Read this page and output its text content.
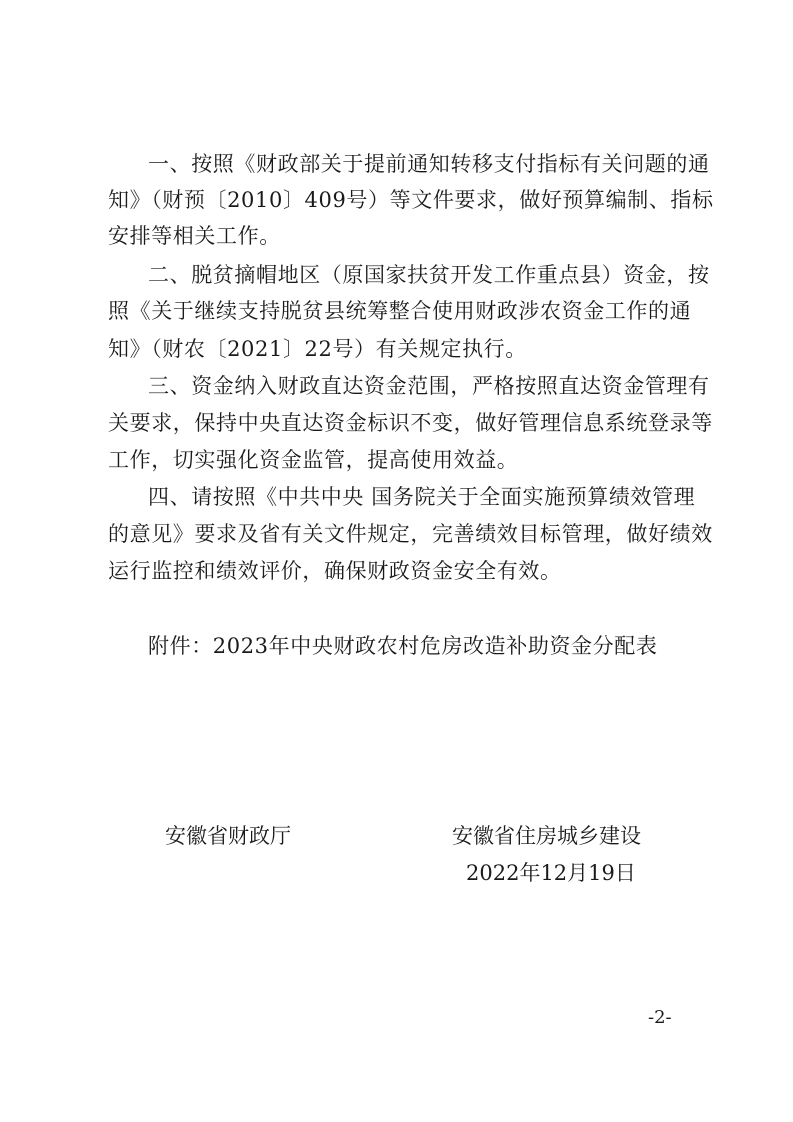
一、按照《财政部关于提前通知转移支付指标有关问题的通
知》（财预〔2010〕409号）等文件要求，做好预算编制、指标
安排等相关工作。
二、脱贫摘帽地区（原国家扶贫开发工作重点县）资金，按
照《关于继续支持脱贫县统筹整合使用财政涉农资金工作的通
知》（财农〔2021〕22号）有关规定执行。
三、资金纳入财政直达资金范围，严格按照直达资金管理有
关要求，保持中央直达资金标识不变，做好管理信息系统登录等
工作，切实强化资金监管，提高使用效益。
四、请按照《中共中央 国务院关于全面实施预算绩效管理
的意见》要求及省有关文件规定，完善绩效目标管理，做好绩效
运行监控和绩效评价，确保财政资金安全有效。
附件：2023年中央财政农村危房改造补助资金分配表
安徽省财政厅	安徽省住房城乡建设
2022年12月19日
-2-
